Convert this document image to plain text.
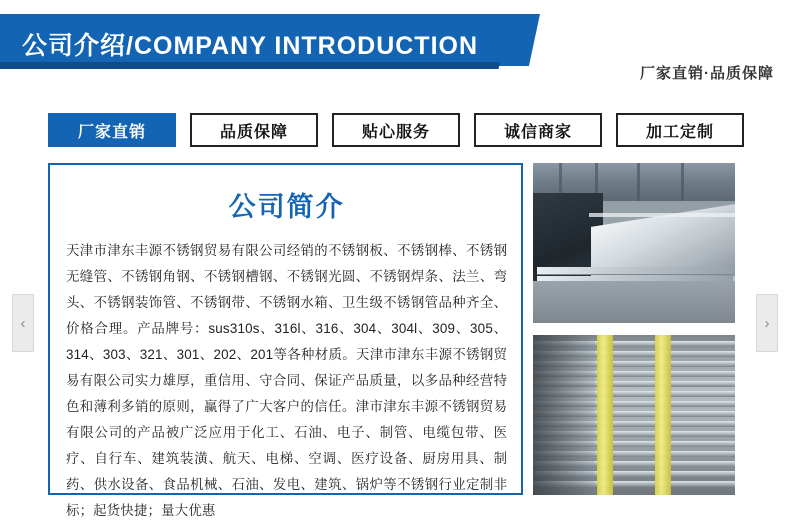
公司介绍/COMPANY INTRODUCTION
厂家直销·品质保障
厂家直销	品质保障	贴心服务	诚信商家	加工定制
公司简介
天津市津东丰源不锈钢贸易有限公司经销的不锈钢板、不锈钢棒、不锈钢无缝管、不锈钢角钢、不锈钢槽钢、不锈钢光圆、不锈钢焊条、法兰、弯头、不锈钢装饰管、不锈钢带、不锈钢水箱、卫生级不锈钢管品种齐全、价格合理。产品牌号：sus310s、316l、316、304、304l、309、305、314、303、321、301、202、201等各种材质。天津市津东丰源不锈钢贸易有限公司实力雄厚，重信用、守合同、保证产品质量，以多品种经营特色和薄利多销的原则，赢得了广大客户的信任。津市津东丰源不锈钢贸易有限公司的产品被广泛应用于化工、石油、电子、制管、电缆包带、医疗、自行车、建筑装潢、航天、电梯、空调、医疗设备、厨房用具、制药、供水设备、食品机械、石油、发电、建筑、锅炉等不锈钢行业定制非标；起货快捷；量大优惠
‹	›
